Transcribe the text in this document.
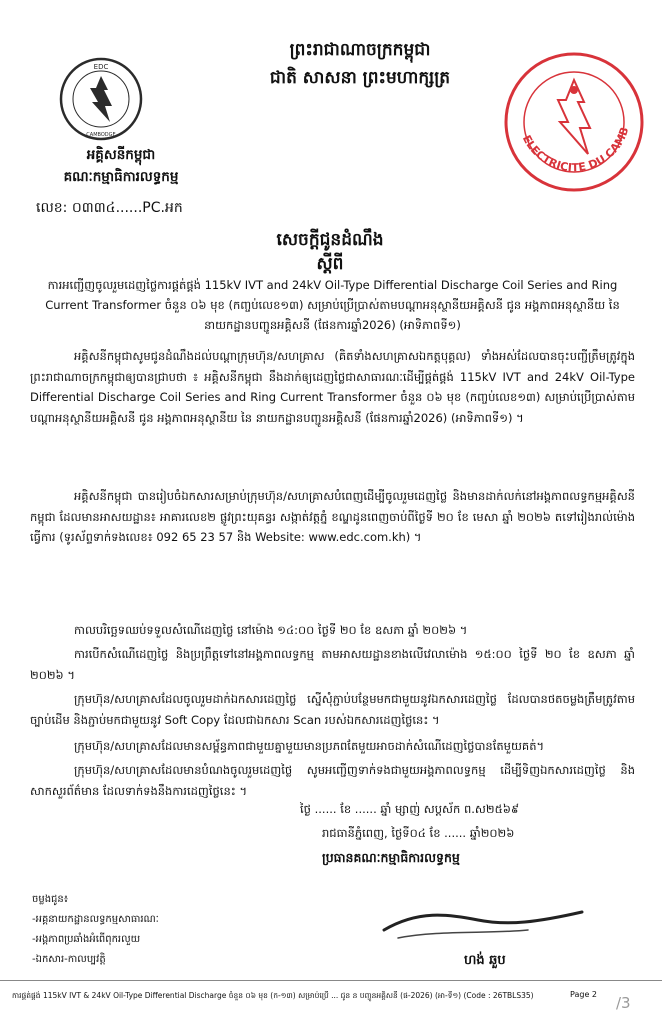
ព្រះរាជាណាចក្រកម្ពុជា
ជាតិ សាសនា ព្រះមហាក្សត្រ
EDC
CAMBODGE	ELECTRICITE DU CAMB
អគ្គិសនីកម្ពុជា
គណៈកម្មាធិការលទ្ធកម្ម
លេខ: ០៣៣៤......PC.អក
សេចក្តីជូនដំណឹង
ស្តីពី
ការអញ្ជើញចូលរួមដេញថ្លៃការផ្គត់ផ្គង់ 115kV IVT and 24kV Oil-Type Differential Discharge Coil Series and Ring Current Transformer ចំនួន ០៦ មុខ (កញ្ចប់លេខ១៣) សម្រាប់ប្រើប្រាស់តាមបណ្តាអនុស្ថានីយអគ្គិសនី ជូន អង្គភាពអនុស្ថានីយ នៃ នាយកដ្ឋានបញ្ជូនអគ្គិសនី (ផែនការឆ្នាំ2026) (អាទិភាពទី១)
អគ្គិសនីកម្ពុជាសូមជូនដំណឹងដល់បណ្តាក្រុមហ៊ុន/សហគ្រាស (គិតទាំងសហគ្រាសឯកត្តបុគ្គល) ទាំងអស់ដែលបានចុះបញ្ជីត្រឹមត្រូវក្នុងព្រះរាជាណាចក្រកម្ពុជាឲ្យបានជ្រាបថា ៖ អគ្គិសនីកម្ពុជា នឹងដាក់ឲ្យដេញថ្លៃជាសាធារណៈដើម្បីផ្គត់ផ្គង់ 115kV IVT and 24kV Oil-Type Differential Discharge Coil Series and Ring Current Transformer ចំនួន ០៦ មុខ (កញ្ចប់លេខ១៣) សម្រាប់ប្រើប្រាស់តាមបណ្តាអនុស្ថានីយអគ្គិសនី ជូន អង្គភាពអនុស្ថានីយ នៃ នាយកដ្ឋានបញ្ជូនអគ្គិសនី (ផែនការឆ្នាំ2026) (អាទិភាពទី១) ។
អគ្គិសនីកម្ពុជា បានរៀបចំឯកសារសម្រាប់ក្រុមហ៊ុន/សហគ្រាសបំពេញដើម្បីចូលរួមដេញថ្លៃ និងមានដាក់លក់នៅអង្គភាពលទ្ធកម្មអគ្គិសនីកម្ពុជា ដែលមានអាសយដ្ឋាន៖ អាគារលេខ២ ផ្លូវព្រះយុគន្ធរ សង្កាត់វត្តភ្នំ ខណ្ឌដូនពេញចាប់ពីថ្ងៃទី ២០ ខែ មេសា ឆ្នាំ ២០២៦ តទៅរៀងរាល់ម៉ោងធ្វើការ (ទូរស័ព្ទទាក់ទងលេខ៖ 092 65 23 57 និង Website: www.edc.com.kh) ។
កាលបរិច្ឆេទឈប់ទទួលសំណើដេញថ្លៃ នៅម៉ោង ១៤:០០ ថ្ងៃទី ២០ ខែ ឧសភា ឆ្នាំ ២០២៦ ។
ការបើកសំណើដេញថ្លៃ និងប្រព្រឹត្តទៅនៅអង្គភាពលទ្ធកម្ម តាមអាសយដ្ឋានខាងលើវេលាម៉ោង ១៥:០០ ថ្ងៃទី ២០ ខែ ឧសភា ឆ្នាំ ២០២៦ ។
ក្រុមហ៊ុន/សហគ្រាសដែលចូលរួមដាក់ឯកសារដេញថ្លៃ ស្នើសុំភ្ជាប់បន្ថែមមកជាមួយនូវឯកសារដេញថ្លៃ ដែលបានថតចម្លងត្រឹមត្រូវតាមច្បាប់ដើម និងភ្ជាប់មកជាមួយនូវ Soft Copy ដែលជាឯកសារ Scan របស់ឯកសារដេញថ្លៃនេះ ។
ក្រុមហ៊ុន/សហគ្រាសដែលមានសម្ព័ន្ធភាពជាមួយគ្នាមួយមានប្រភពតែមួយអាចដាក់សំណើដេញថ្លៃបានតែមួយគត់។
ក្រុមហ៊ុន/សហគ្រាសដែលមានបំណងចូលរួមដេញថ្លៃ សូមអញ្ជើញទាក់ទងជាមួយអង្គភាពលទ្ធកម្ម ដើម្បីទិញឯកសារដេញថ្លៃ និងសាកសួរព័ត៌មាន ដែលទាក់ទងនឹងការដេញថ្លៃនេះ ។
ថ្ងៃ ...... ខែ ...... ឆ្នាំ ម្សាញ់ សប្តស័ក ព.ស២៥៦៩
រាជធានីភ្នំពេញ, ថ្ងៃទី០៤ ខែ ...... ឆ្នាំ២០២៦
ប្រធានគណៈកម្មាធិការលទ្ធកម្ម
ហង់ ឆួប
ចម្លងជូន៖
-អគ្គនាយកដ្ឋានលទ្ធកម្មសាធារណៈ
-អង្គភាពប្រឆាំងអំពើពុករលួយ
-ឯកសារ-កាលប្បវត្តិ
ការផ្គត់ផ្គង់ 115kV IVT & 24kV Oil-Type Differential Discharge ចំនួន ០៦ មុខ (ក-១៣) សម្រាប់ប្រើ ... ជូន ន បញ្ជូនអគ្គិសនី (ផ-2026) (អា-ទី១) (Code : 26TBLS35)	Page 2 /3
